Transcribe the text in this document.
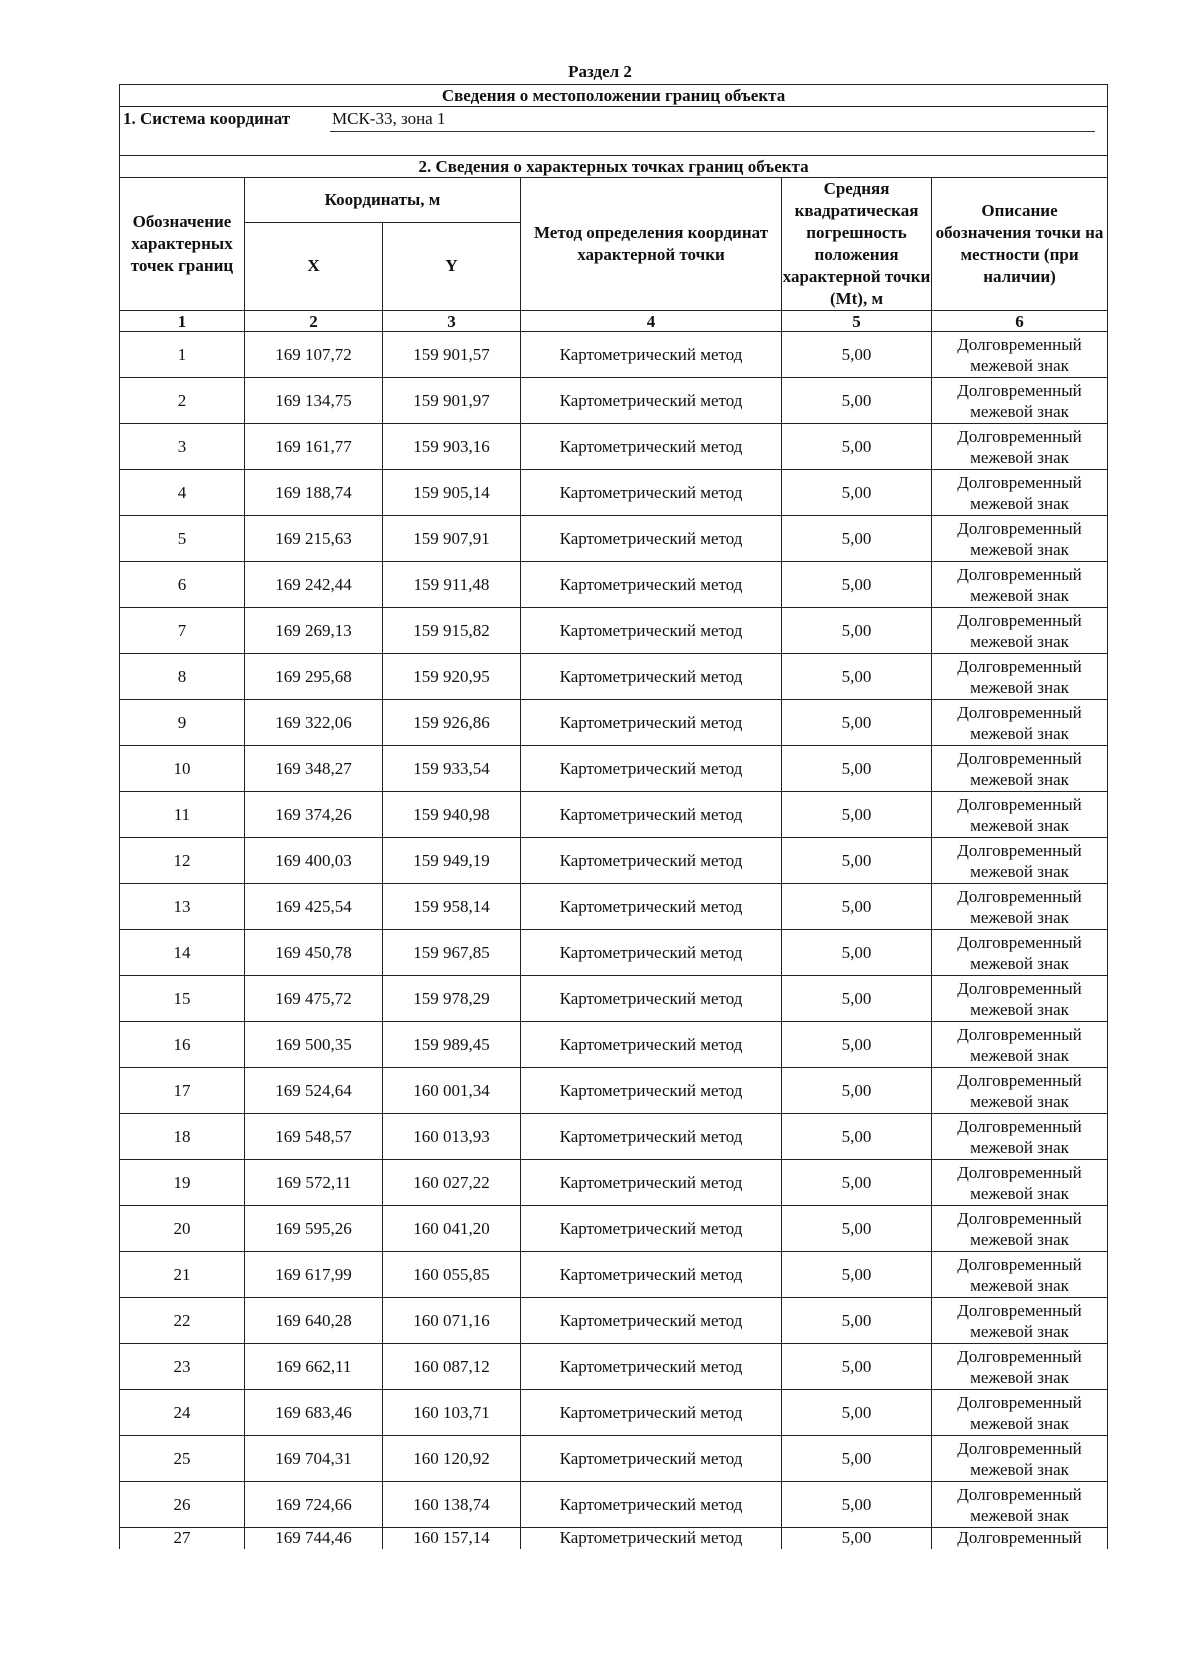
Раздел 2
Сведения о местоположении границ объекта					

1. Система координат МСК-33, зона 1					

2. Сведения о характерных точках границ объекта					
Обозначение характерных точек границ	Координаты, м		Метод определения координат характерной точки	Средняя квадратическая погрешность положения характерной точки (Mt), м	Описание обозначения точки на местности (при наличии)
	X	Y			
1	2	3	4	5	6
1	169 107,72	159 901,57	Картометрический метод	5,00	Долговременный межевой знак
2	169 134,75	159 901,97	Картометрический метод	5,00	Долговременный межевой знак
3	169 161,77	159 903,16	Картометрический метод	5,00	Долговременный межевой знак
4	169 188,74	159 905,14	Картометрический метод	5,00	Долговременный межевой знак
5	169 215,63	159 907,91	Картометрический метод	5,00	Долговременный межевой знак
6	169 242,44	159 911,48	Картометрический метод	5,00	Долговременный межевой знак
7	169 269,13	159 915,82	Картометрический метод	5,00	Долговременный межевой знак
8	169 295,68	159 920,95	Картометрический метод	5,00	Долговременный межевой знак
9	169 322,06	159 926,86	Картометрический метод	5,00	Долговременный межевой знак
10	169 348,27	159 933,54	Картометрический метод	5,00	Долговременный межевой знак
11	169 374,26	159 940,98	Картометрический метод	5,00	Долговременный межевой знак
12	169 400,03	159 949,19	Картометрический метод	5,00	Долговременный межевой знак
13	169 425,54	159 958,14	Картометрический метод	5,00	Долговременный межевой знак
14	169 450,78	159 967,85	Картометрический метод	5,00	Долговременный межевой знак
15	169 475,72	159 978,29	Картометрический метод	5,00	Долговременный межевой знак
16	169 500,35	159 989,45	Картометрический метод	5,00	Долговременный межевой знак
17	169 524,64	160 001,34	Картометрический метод	5,00	Долговременный межевой знак
18	169 548,57	160 013,93	Картометрический метод	5,00	Долговременный межевой знак
19	169 572,11	160 027,22	Картометрический метод	5,00	Долговременный межевой знак
20	169 595,26	160 041,20	Картометрический метод	5,00	Долговременный межевой знак
21	169 617,99	160 055,85	Картометрический метод	5,00	Долговременный межевой знак
22	169 640,28	160 071,16	Картометрический метод	5,00	Долговременный межевой знак
23	169 662,11	160 087,12	Картометрический метод	5,00	Долговременный межевой знак
24	169 683,46	160 103,71	Картометрический метод	5,00	Долговременный межевой знак
25	169 704,31	160 120,92	Картометрический метод	5,00	Долговременный межевой знак
26	169 724,66	160 138,74	Картометрический метод	5,00	Долговременный межевой знак
27	169 744,46	160 157,14	Картометрический метод	5,00	Долговременный
